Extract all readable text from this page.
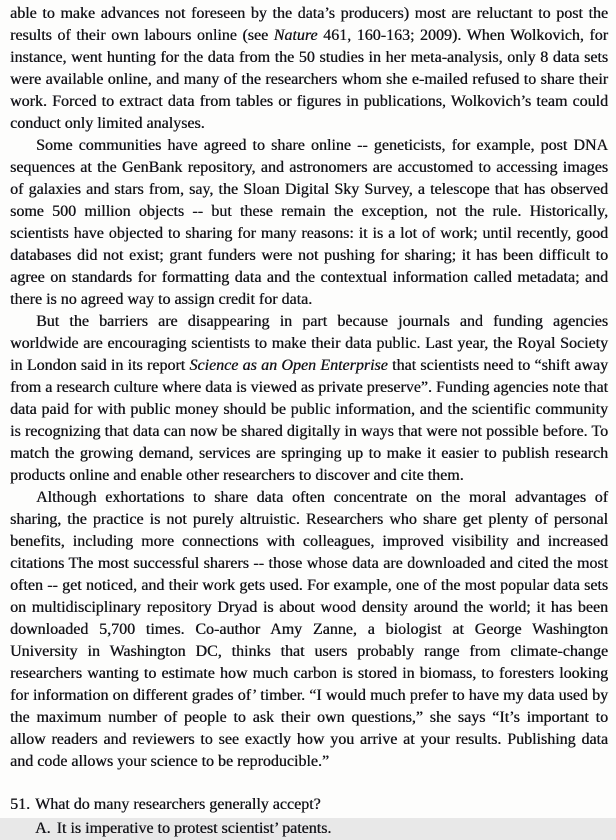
able to make advances not foreseen by the data’s producers) most are reluctant to post the results of their own labours online (see Nature 461, 160-163; 2009). When Wolkovich, for instance, went hunting for the data from the 50 studies in her meta-analysis, only 8 data sets were available online, and many of the researchers whom she e-mailed refused to share their work. Forced to extract data from tables or figures in publications, Wolkovich’s team could conduct only limited analyses.

Some communities have agreed to share online -- geneticists, for example, post DNA sequences at the GenBank repository, and astronomers are accustomed to accessing images of galaxies and stars from, say, the Sloan Digital Sky Survey, a telescope that has observed some 500 million objects -- but these remain the exception, not the rule. Historically, scientists have objected to sharing for many reasons: it is a lot of work; until recently, good databases did not exist; grant funders were not pushing for sharing; it has been difficult to agree on standards for formatting data and the contextual information called metadata; and there is no agreed way to assign credit for data.

But the barriers are disappearing in part because journals and funding agencies worldwide are encouraging scientists to make their data public. Last year, the Royal Society in London said in its report Science as an Open Enterprise that scientists need to “shift away from a research culture where data is viewed as private preserve”. Funding agencies note that data paid for with public money should be public information, and the scientific community is recognizing that data can now be shared digitally in ways that were not possible before. To match the growing demand, services are springing up to make it easier to publish research products online and enable other researchers to discover and cite them.

Although exhortations to share data often concentrate on the moral advantages of sharing, the practice is not purely altruistic. Researchers who share get plenty of personal benefits, including more connections with colleagues, improved visibility and increased citations The most successful sharers -- those whose data are downloaded and cited the most often -- get noticed, and their work gets used. For example, one of the most popular data sets on multidisciplinary repository Dryad is about wood density around the world; it has been downloaded 5,700 times. Co-author Amy Zanne, a biologist at George Washington University in Washington DC, thinks that users probably range from climate-change researchers wanting to estimate how much carbon is stored in biomass, to foresters looking for information on different grades of’ timber. “I would much prefer to have my data used by the maximum number of people to ask their own questions,” she says “It’s important to allow readers and reviewers to see exactly how you arrive at your results. Publishing data and code allows your science to be reproducible.”

51. What do many researchers generally accept?

A. It is imperative to protest scientist’ patents.
